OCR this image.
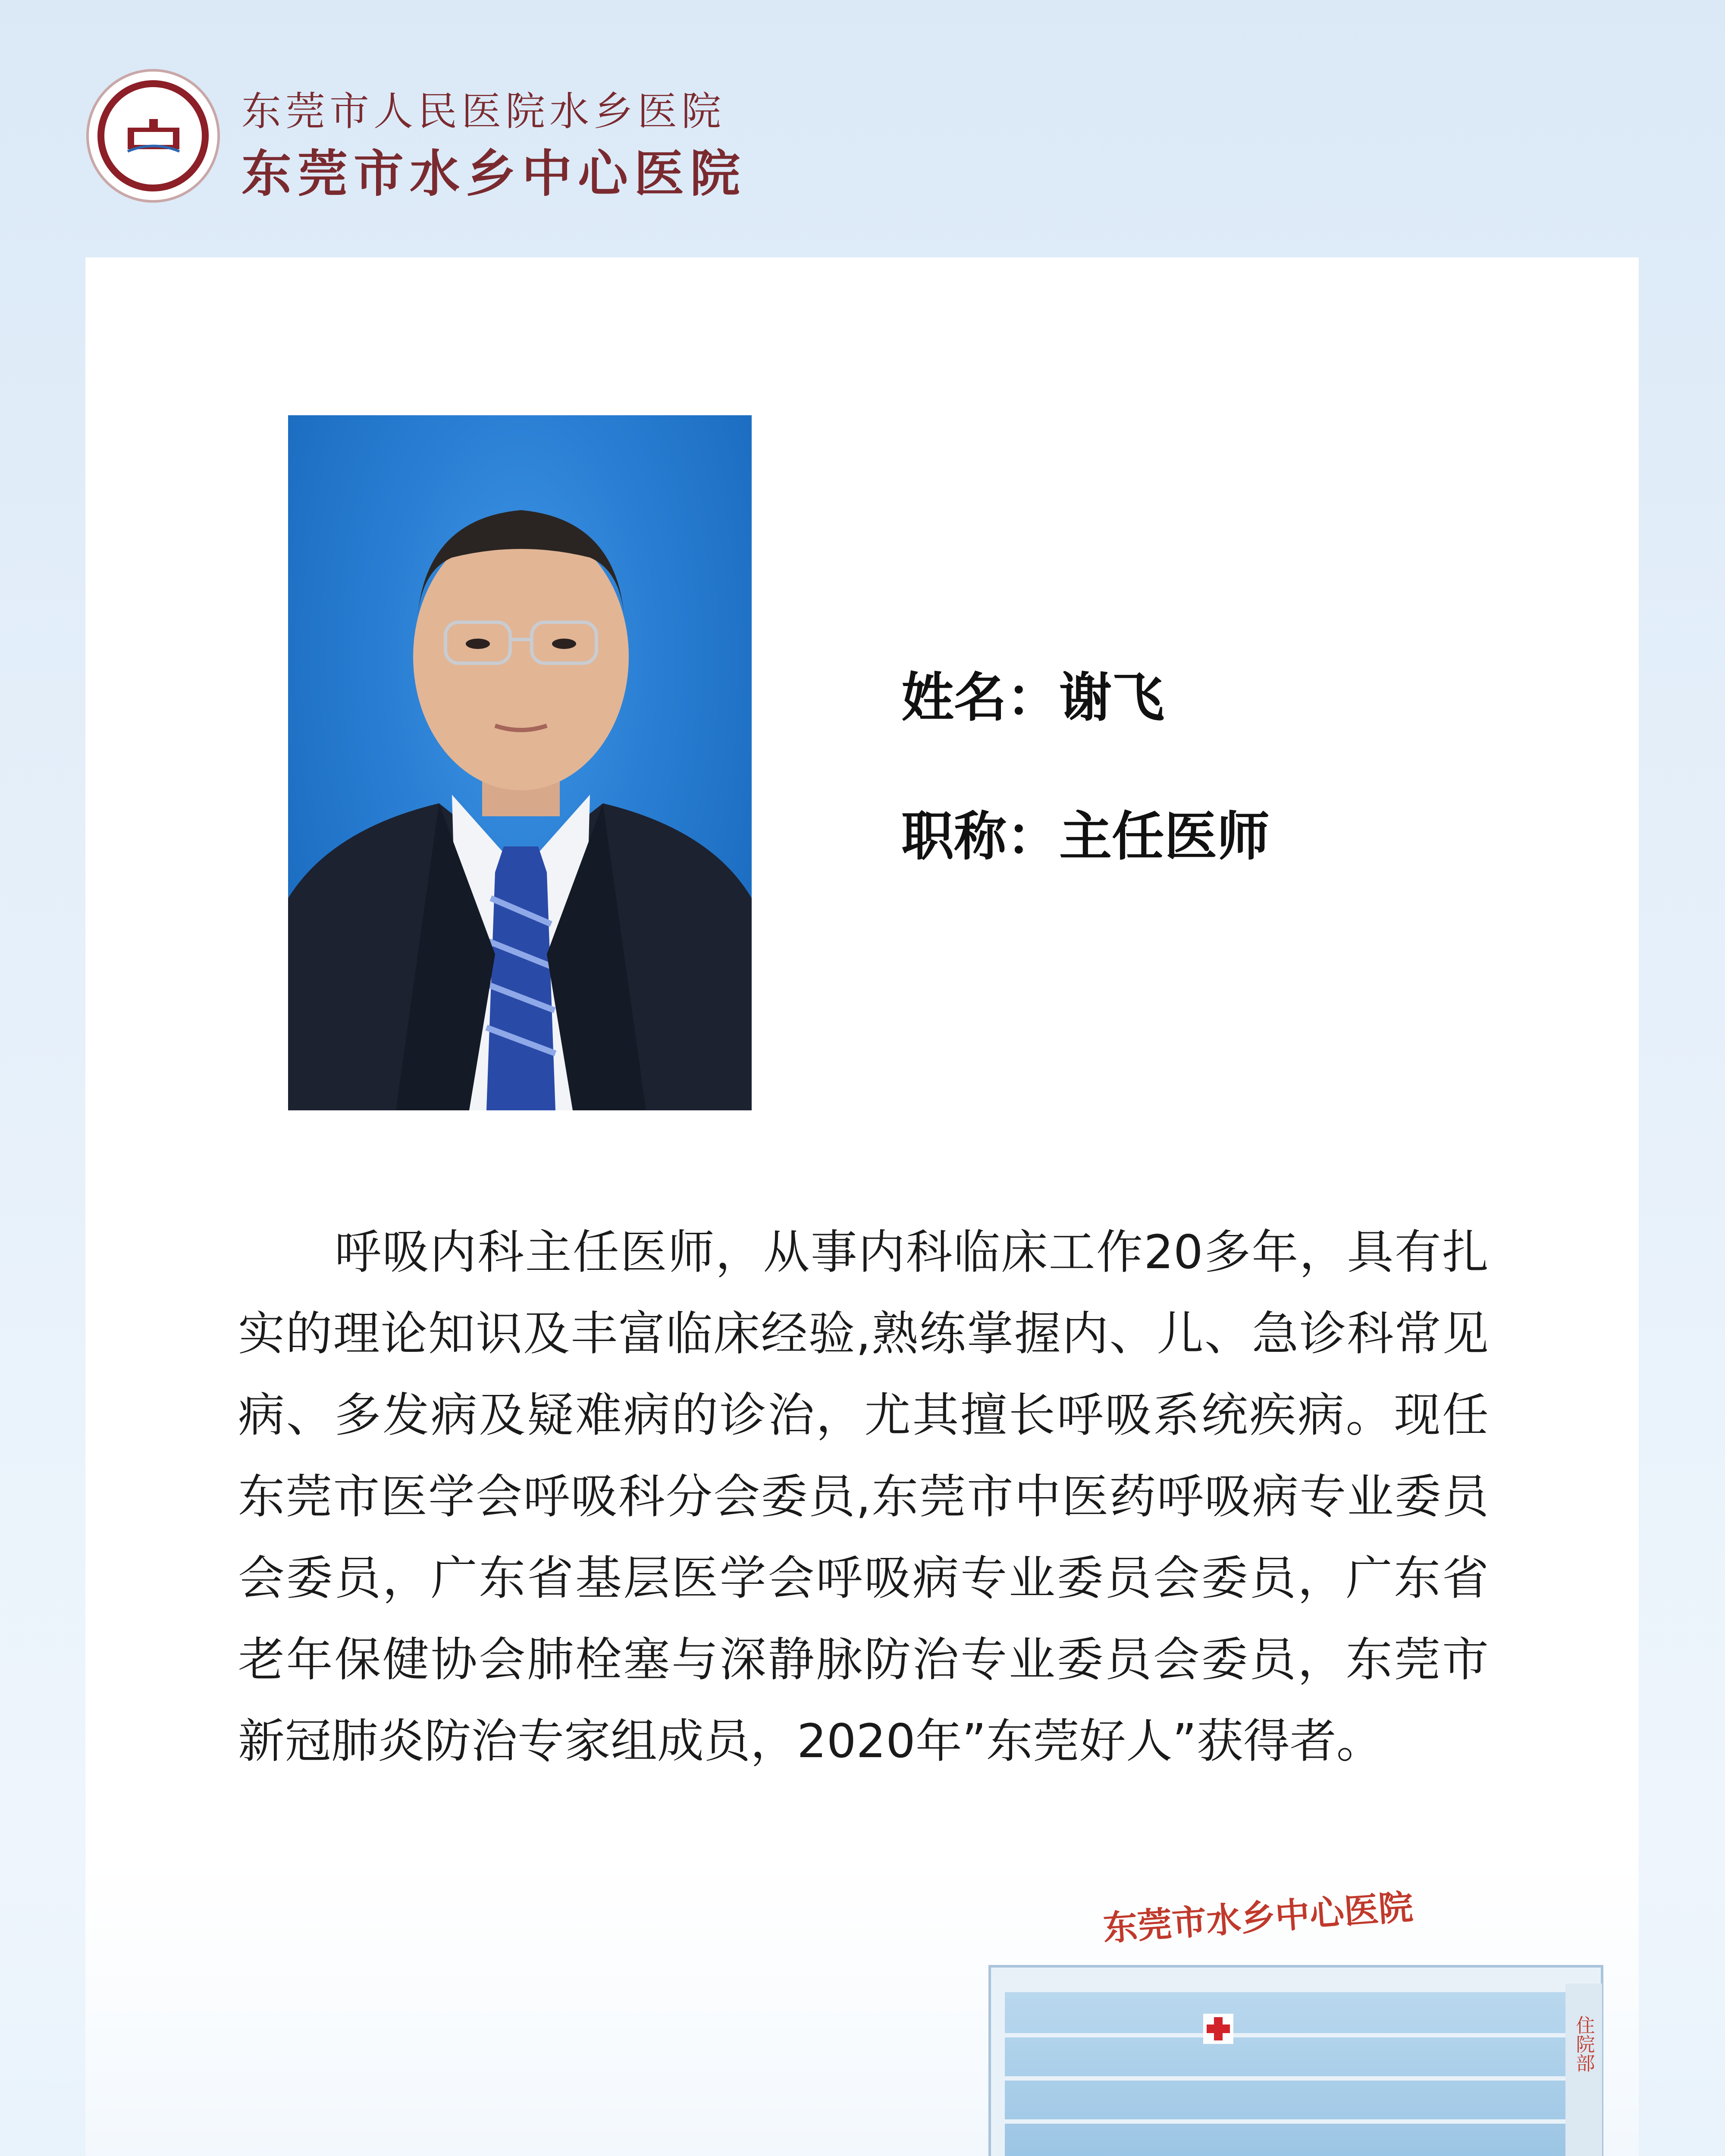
东莞市人民医院水乡医院
东莞市水乡中心医院
姓名：谢飞
职称：主任医师
呼吸内科主任医师，从事内科临床工作20多年，具有扎实的理论知识及丰富临床经验,熟练掌握内、儿、急诊科常见病、多发病及疑难病的诊治，尤其擅长呼吸系统疾病。现任东莞市医学会呼吸科分会委员,东莞市中医药呼吸病专业委员会委员，广东省基层医学会呼吸病专业委员会委员，广东省老年保健协会肺栓塞与深静脉防治专业委员会委员，东莞市新冠肺炎防治专家组成员，2020年”东莞好人”获得者。
住院部
东莞市水乡中心医院
